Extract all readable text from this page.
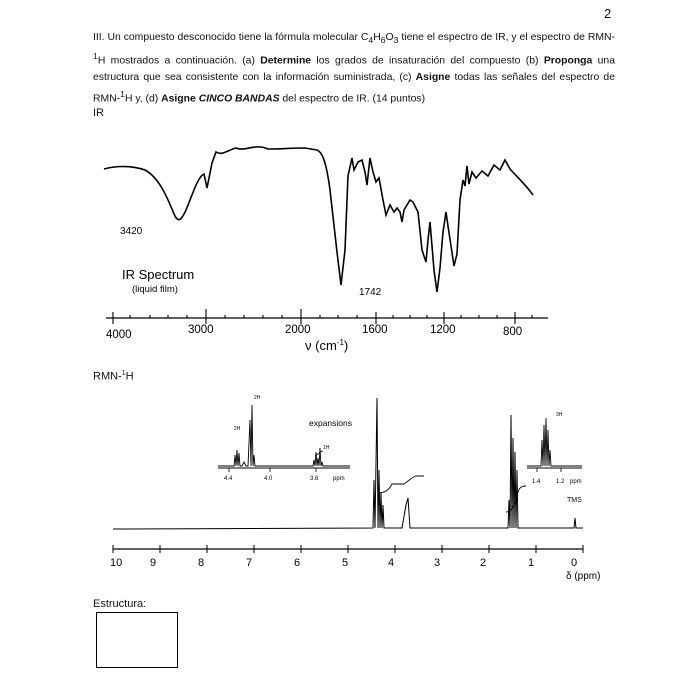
2
III. Un compuesto desconocido tiene la fórmula molecular $C_4H_6O_3$ tiene el espectro de IR, y el espectro de RMN-$^1$H mostrados a continuación. (a) Determine los grados de insaturación del compuesto (b) Proponga una estructura que sea consistente con la información suministrada, (c) Asigne todas las señales del espectro de RMN-$^1$H y, (d) Asigne CINCO BANDAS del espectro de IR. (14 puntos)
IR
3420
IR Spectrum
(liquid film)	1742
4000	3000	2000	1600	1200	800
ν $(cm^{-1})$
RMN-$^1$H
expansions
2H
2H
1H
4.4	4.0	3.6 ppm
3H
1.4	1.2 ppm
TMS
10	9	8	7	6	5	4	3	2	1	0
δ (ppm)
Estructura:
